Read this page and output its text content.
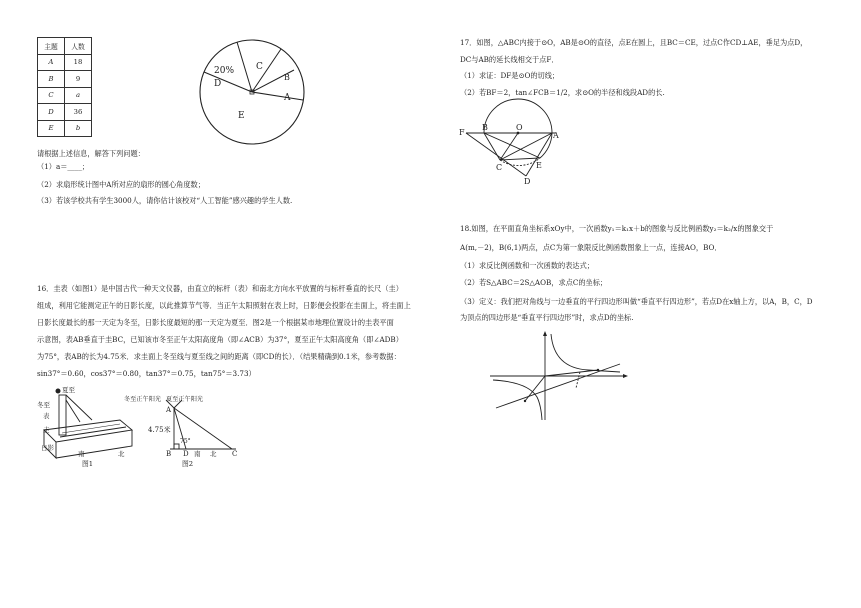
主题	人数
A	18
B	9
C	a
D	36
E	b
20%
D
C
B
A
E
请根据上述信息，解答下列问题：
（1）a＝____；
（2）求扇形统计图中A所对应的扇形的圆心角度数；
（3）若该学校共有学生3000人，请你估计该校对“人工智能”感兴趣的学生人数.
16．圭表（如图1）是中国古代一种天文仪器，由直立的标杆（表）和南北方向水平放置的与标杆垂直的长尺（圭）
组成，利用它能测定正午的日影长度，以此推算节气等．当正午太阳照射在表上时，日影便会投影在圭面上，将圭面上
日影长度最长的那一天定为冬至，日影长度最短的那一天定为夏至．图2是一个根据某市地理位置设计的圭表平面
示意图，表AB垂直于圭BC，已知该市冬至正午太阳高度角（即∠ACB）为37°，夏至正午太阳高度角（即∠ADB）
为75°，表AB的长为4.75米．求圭面上冬至线与夏至线之间的距离（即CD的长）．（结果精确到0.1米，参考数据：
sin37°＝0.60，cos37°＝0.80，tan37°＝0.75，tan75°＝3.73）
夏至
冬至
表
圭
日影
南	北
图1
冬至正午阳光 夏至正午阳光
A
4.75米
75°
B D 南 北 C
图2
17．如图，△ABC内接于⊙O，AB是⊙O的直径，点E在圆上，且BC＝CE，过点C作CD⊥AE，垂足为点D，
DC与AB的延长线相交于点F．
（1）求证：DF是⊙O的切线；
（2）若BF＝2，tan∠FCB＝1/2，求⊙O的半径和线段AD的长.
F
B	O
A
C	E
D
18.如图，在平面直角坐标系xOy中，一次函数y₁＝k₁x＋b的图象与反比例函数y₂＝k₂/x的图象交于
A(m,－2)，B(6,1)两点，点C为第一象限反比例函数图象上一点，连接AO，BO．
（1）求反比例函数和一次函数的表达式；
（2）若S△ABC＝2S△AOB，求点C的坐标；
（3）定义：我们把对角线与一边垂直的平行四边形叫做“垂直平行四边形”，若点D在x轴上方，以A，B，C，D
为顶点的四边形是“垂直平行四边形”时，求点D的坐标.
